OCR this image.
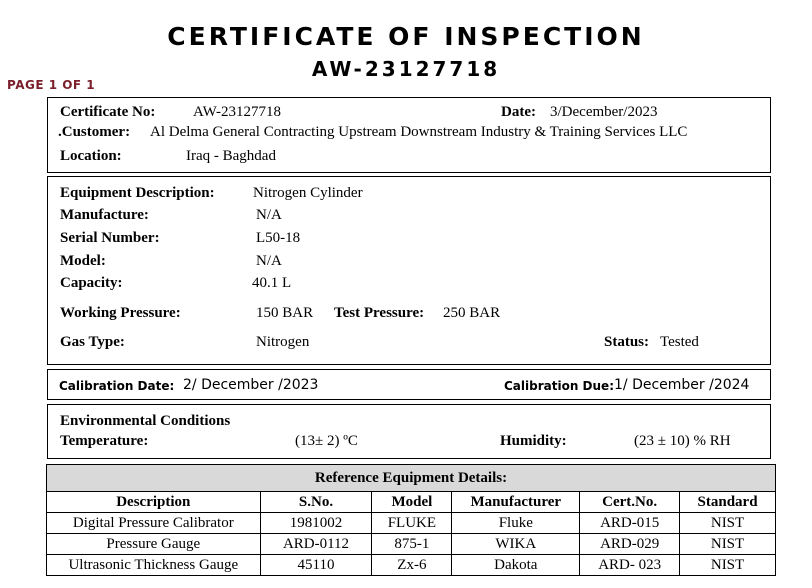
CERTIFICATE OF INSPECTION
AW-23127718
PAGE 1 OF 1
Certificate No:	AW-23127718	Date: 3/December/2023
.Customer: Al Delma General Contracting Upstream Downstream Industry & Training Services LLC
Location:	Iraq - Baghdad
Equipment Description:	Nitrogen Cylinder
Manufacture:	N/A
Serial Number:	L50-18
Model:	N/A
Capacity:	40.1 L
Working Pressure:	150 BAR Test Pressure: 250 BAR
Gas Type:	Nitrogen	Status: Tested
Calibration Date: 2/ December /2023	Calibration Due: 1/ December /2024
Environmental Conditions
Temperature:	(13± 2) ºC	Humidity:	(23 ± 10) % RH
Reference Equipment Details:					
Description	S.No.	Model	Manufacturer	Cert.No.	Standard
Digital Pressure Calibrator	1981002	FLUKE	Fluke	ARD-015	NIST
Pressure Gauge	ARD-0112	875-1	WIKA	ARD-029	NIST
Ultrasonic Thickness Gauge	45110	Zx-6	Dakota	ARD- 023	NIST
